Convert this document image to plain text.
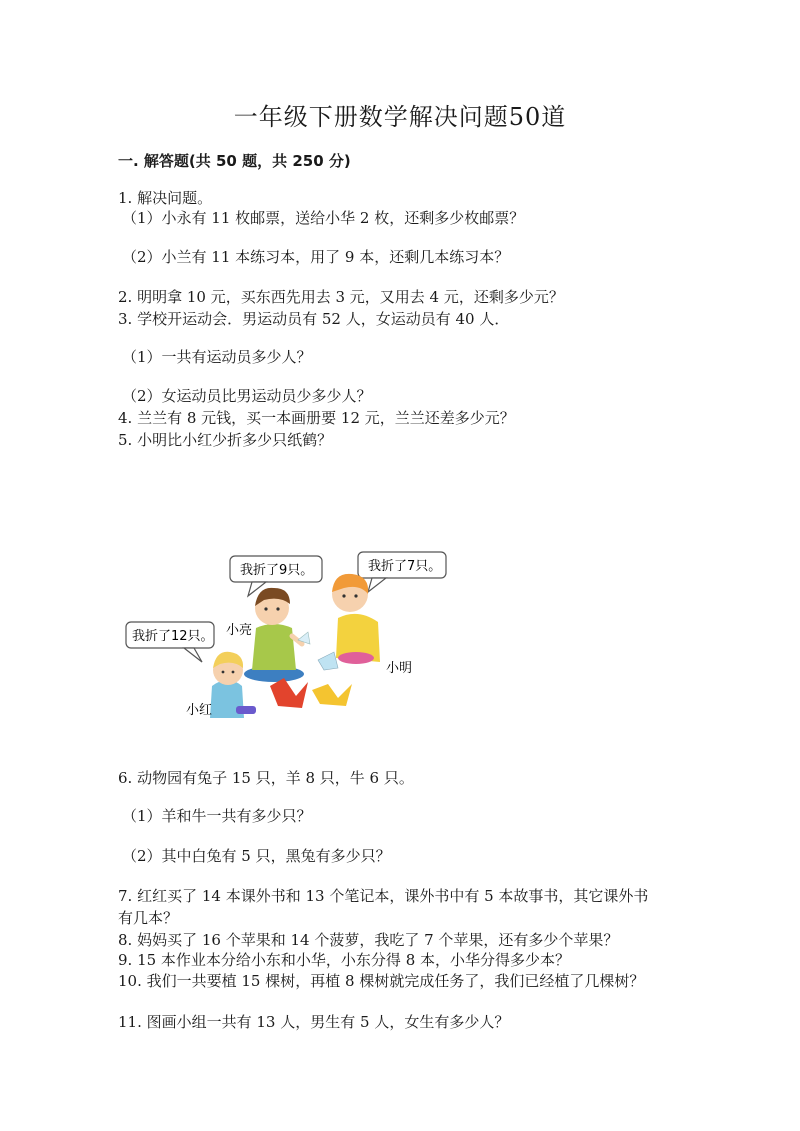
一年级下册数学解决问题50道
一. 解答题(共 50 题，共 250 分)
1. 解决问题。
（1）小永有 11 枚邮票，送给小华 2 枚，还剩多少枚邮票？
（2）小兰有 11 本练习本，用了 9 本，还剩几本练习本？
2. 明明拿 10 元，买东西先用去 3 元，又用去 4 元，还剩多少元？
3. 学校开运动会．男运动员有 52 人，女运动员有 40 人．
（1）一共有运动员多少人？
（2）女运动员比男运动员少多少人？
4. 兰兰有 8 元钱，买一本画册要 12 元，兰兰还差多少元？
5. 小明比小红少折多少只纸鹤？
我折了12只。
我折了9只。	我折了7只。
小亮
小明
小红
6. 动物园有兔子 15 只，羊 8 只，牛 6 只。
（1）羊和牛一共有多少只？
（2）其中白兔有 5 只，黑兔有多少只？
7. 红红买了 14 本课外书和 13 个笔记本，课外书中有 5 本故事书，其它课外书
有几本？
8. 妈妈买了 16 个苹果和 14 个菠萝，我吃了 7 个苹果，还有多少个苹果？
9. 15 本作业本分给小东和小华，小东分得 8 本，小华分得多少本？
10. 我们一共要植 15 棵树，再植 8 棵树就完成任务了，我们已经植了几棵树？
11. 图画小组一共有 13 人，男生有 5 人，女生有多少人？
